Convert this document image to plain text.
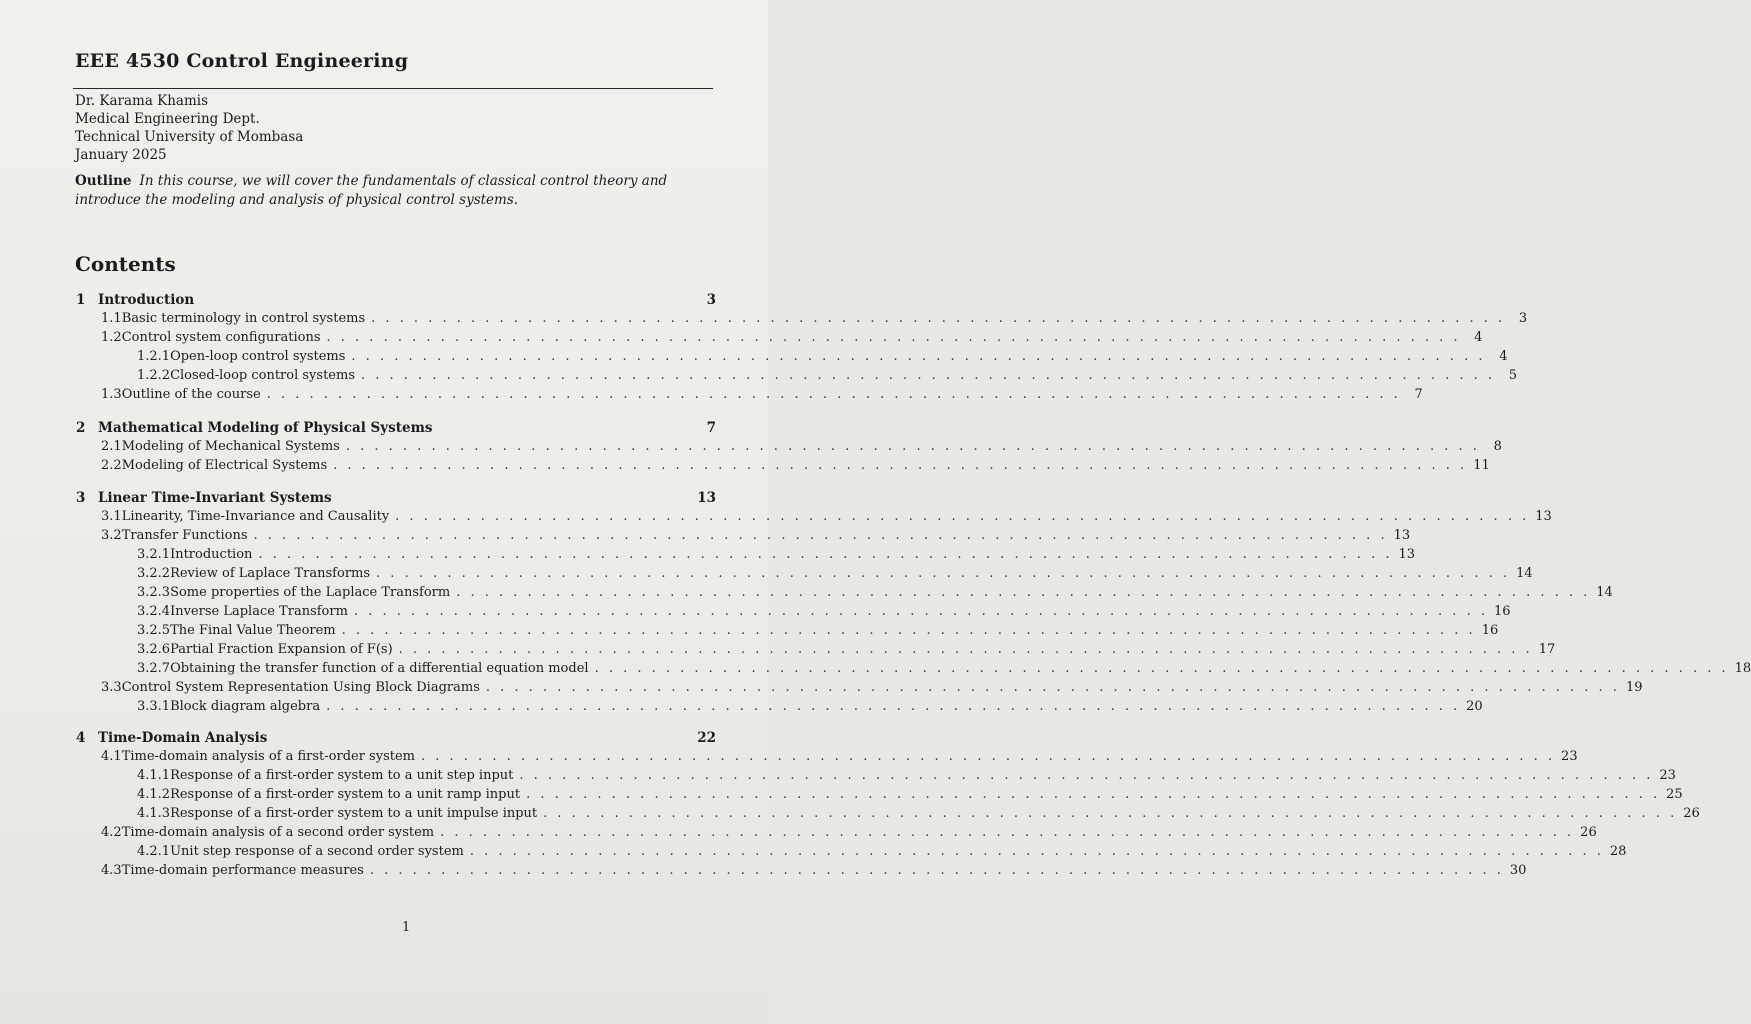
EEE 4530 Control Engineering
Dr. Karama Khamis
Medical Engineering Dept.
Technical University of Mombasa
January 2025
Outline In this course, we will cover the fundamentals of classical control theory and introduce the modeling and analysis of physical control systems.
Contents
1 Introduction	3
1.1 Basic terminology in control systems . . . . . . . . . . . . . . . . . . . . . . . . . . . . . . . . . . . . . . . . . . . . . . . . . . . . . . . . . . . . . . . . . . . . . . . . . . . . . . . .	3
1.2 Control system configurations . . . . . . . . . . . . . . . . . . . . . . . . . . . . . . . . . . . . . . . . . . . . . . . . . . . . . . . . . . . . . . . . . . . . . . . . . . . . . . . .	4
1.2.1 Open-loop control systems . . . . . . . . . . . . . . . . . . . . . . . . . . . . . . . . . . . . . . . . . . . . . . . . . . . . . . . . . . . . . . . . . . . . . . . . . . . . . . . .	4
1.2.2 Closed-loop control systems . . . . . . . . . . . . . . . . . . . . . . . . . . . . . . . . . . . . . . . . . . . . . . . . . . . . . . . . . . . . . . . . . . . . . . . . . . . . . . . .	5
1.3 Outline of the course . . . . . . . . . . . . . . . . . . . . . . . . . . . . . . . . . . . . . . . . . . . . . . . . . . . . . . . . . . . . . . . . . . . . . . . . . . . . . . . .	7
2 Mathematical Modeling of Physical Systems	7
2.1 Modeling of Mechanical Systems . . . . . . . . . . . . . . . . . . . . . . . . . . . . . . . . . . . . . . . . . . . . . . . . . . . . . . . . . . . . . . . . . . . . . . . . . . . . . . . .	8
2.2 Modeling of Electrical Systems . . . . . . . . . . . . . . . . . . . . . . . . . . . . . . . . . . . . . . . . . . . . . . . . . . . . . . . . . . . . . . . . . . . . . . . . . . . . . . . . 11
3 Linear Time-Invariant Systems	13
3.1 Linearity, Time-Invariance and Causality . . . . . . . . . . . . . . . . . . . . . . . . . . . . . . . . . . . . . . . . . . . . . . . . . . . . . . . . . . . . . . . . . . . . . . . . . . . . . . . . 13
3.2 Transfer Functions . . . . . . . . . . . . . . . . . . . . . . . . . . . . . . . . . . . . . . . . . . . . . . . . . . . . . . . . . . . . . . . . . . . . . . . . . . . . . . . . 13
3.2.1 Introduction . . . . . . . . . . . . . . . . . . . . . . . . . . . . . . . . . . . . . . . . . . . . . . . . . . . . . . . . . . . . . . . . . . . . . . . . . . . . . . . . 13
3.2.2 Review of Laplace Transforms . . . . . . . . . . . . . . . . . . . . . . . . . . . . . . . . . . . . . . . . . . . . . . . . . . . . . . . . . . . . . . . . . . . . . . . . . . . . . . . . 14
3.2.3 Some properties of the Laplace Transform . . . . . . . . . . . . . . . . . . . . . . . . . . . . . . . . . . . . . . . . . . . . . . . . . . . . . . . . . . . . . . . . . . . . . . . . . . . . . . . . 14
3.2.4 Inverse Laplace Transform . . . . . . . . . . . . . . . . . . . . . . . . . . . . . . . . . . . . . . . . . . . . . . . . . . . . . . . . . . . . . . . . . . . . . . . . . . . . . . . . 16
3.2.5 The Final Value Theorem . . . . . . . . . . . . . . . . . . . . . . . . . . . . . . . . . . . . . . . . . . . . . . . . . . . . . . . . . . . . . . . . . . . . . . . . . . . . . . . . 16
3.2.6 Partial Fraction Expansion of F(s) . . . . . . . . . . . . . . . . . . . . . . . . . . . . . . . . . . . . . . . . . . . . . . . . . . . . . . . . . . . . . . . . . . . . . . . . . . . . . . . . 17
3.2.7 Obtaining the transfer function of a differential equation model . . . . . . . . . . . . . . . . . . . . . . . . . . . . . . . . . . . . . . . . . . . . . . . . . . . . . . . . . . . . . . . . . . . . . . . . . . . . . . . . 18
3.3 Control System Representation Using Block Diagrams . . . . . . . . . . . . . . . . . . . . . . . . . . . . . . . . . . . . . . . . . . . . . . . . . . . . . . . . . . . . . . . . . . . . . . . . . . . . . . . . 19
3.3.1 Block diagram algebra . . . . . . . . . . . . . . . . . . . . . . . . . . . . . . . . . . . . . . . . . . . . . . . . . . . . . . . . . . . . . . . . . . . . . . . . . . . . . . . . 20
4 Time-Domain Analysis	22
4.1 Time-domain analysis of a first-order system . . . . . . . . . . . . . . . . . . . . . . . . . . . . . . . . . . . . . . . . . . . . . . . . . . . . . . . . . . . . . . . . . . . . . . . . . . . . . . . . 23
4.1.1 Response of a first-order system to a unit step input . . . . . . . . . . . . . . . . . . . . . . . . . . . . . . . . . . . . . . . . . . . . . . . . . . . . . . . . . . . . . . . . . . . . . . . . . . . . . . . . 23
4.1.2 Response of a first-order system to a unit ramp input . . . . . . . . . . . . . . . . . . . . . . . . . . . . . . . . . . . . . . . . . . . . . . . . . . . . . . . . . . . . . . . . . . . . . . . . . . . . . . . . 25
4.1.3 Response of a first-order system to a unit impulse input . . . . . . . . . . . . . . . . . . . . . . . . . . . . . . . . . . . . . . . . . . . . . . . . . . . . . . . . . . . . . . . . . . . . . . . . . . . . . . . . 26
4.2 Time-domain analysis of a second order system . . . . . . . . . . . . . . . . . . . . . . . . . . . . . . . . . . . . . . . . . . . . . . . . . . . . . . . . . . . . . . . . . . . . . . . . . . . . . . . . 26
4.2.1 Unit step response of a second order system . . . . . . . . . . . . . . . . . . . . . . . . . . . . . . . . . . . . . . . . . . . . . . . . . . . . . . . . . . . . . . . . . . . . . . . . . . . . . . . . 28
4.3 Time-domain performance measures . . . . . . . . . . . . . . . . . . . . . . . . . . . . . . . . . . . . . . . . . . . . . . . . . . . . . . . . . . . . . . . . . . . . . . . . . . . . . . . . 30
1
